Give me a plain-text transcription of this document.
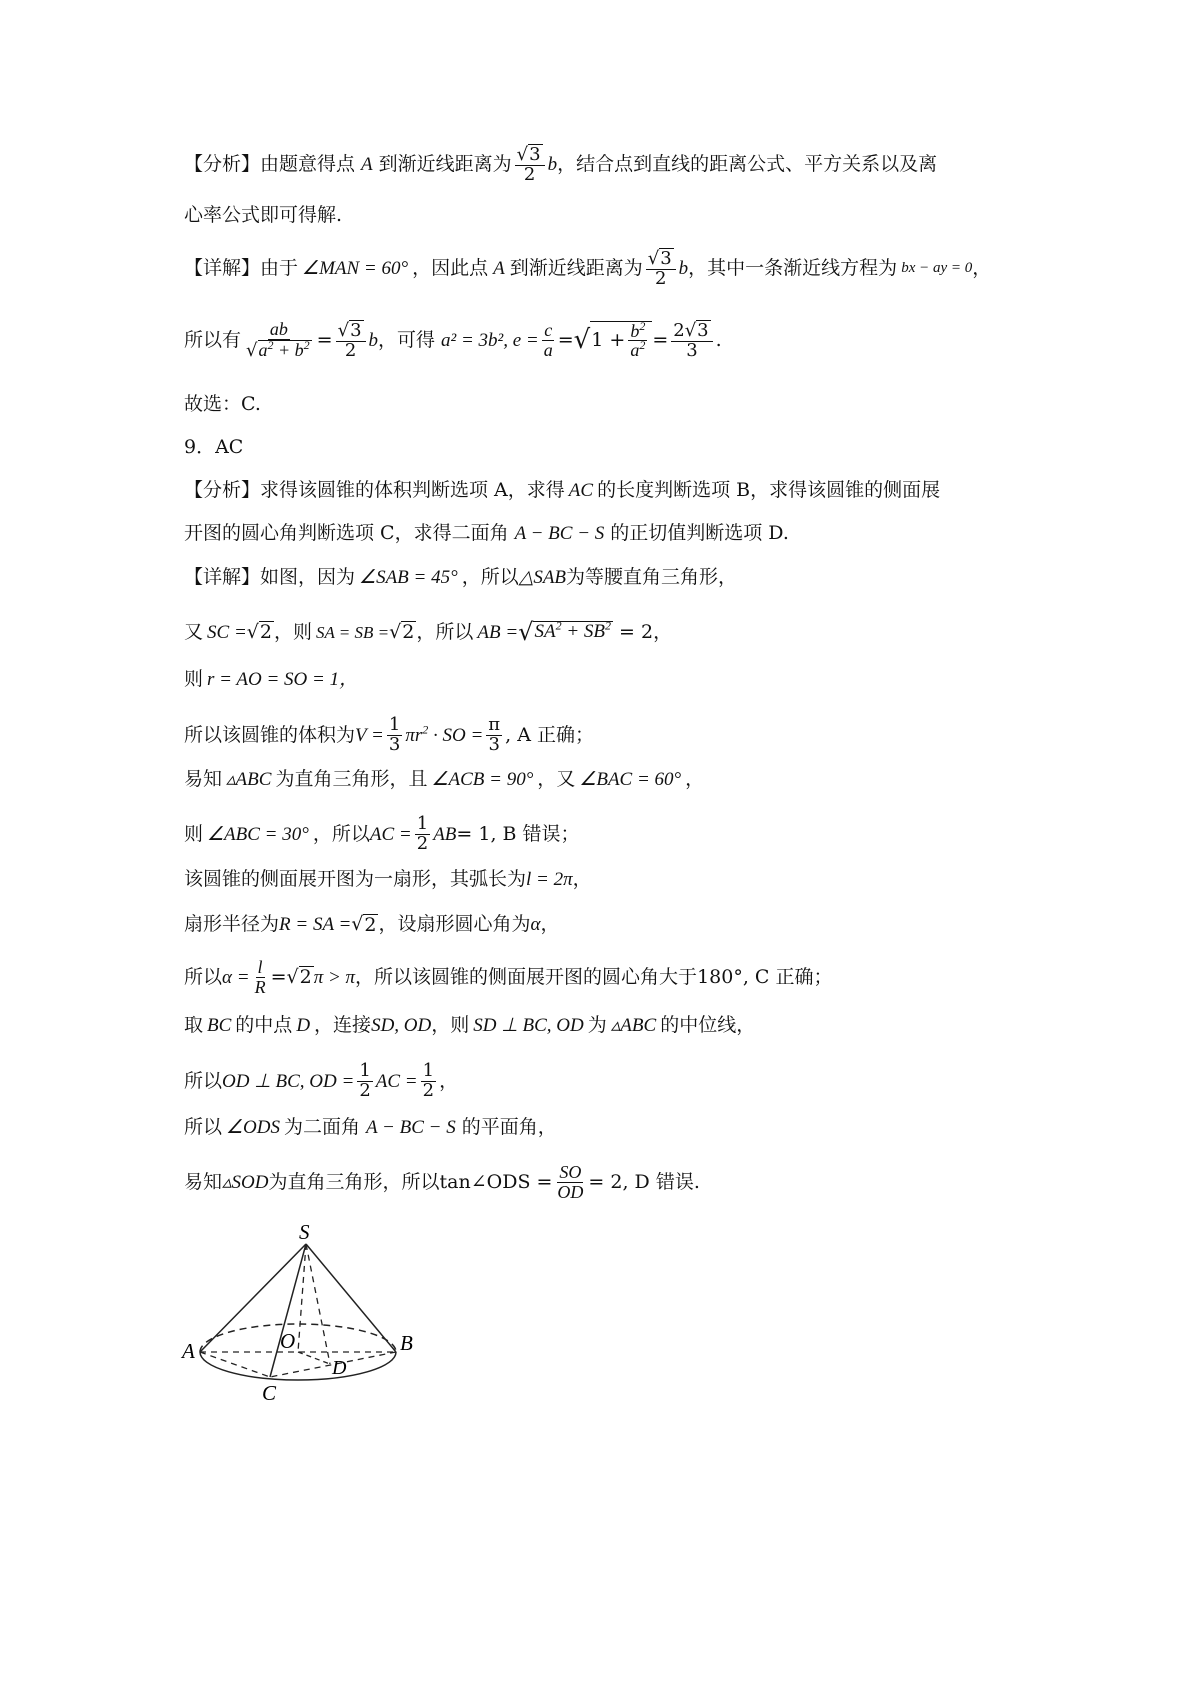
【分析】 由题意得点 A 到渐近线距离为 $\frac{√3}{2}$ b ，结合点到直线的距离公式、平方关系以及离
心率公式即可得解.
【详解】 由于 ∠MAN = 60° ，因此点 A 到渐近线距离为 $\frac{√3}{2}$ b ，其中一条渐近线方程为 bx − ay = 0 ，
所以有 $\frac{ab}{√a^2 + b^2} = \frac{√3}{2}$ b ，可得 a² = 3b², $e = \frac{c}{a}$ = √ $1 + \frac{b^2}{a^2} = \frac{2√3}{3}$ .
故选：C.
9．AC
【分析】 求得该圆锥的体积判断选项 A，求得 AC 的长度判断选项 B，求得该圆锥的侧面展
开图的圆心角判断选项 C，求得二面角 A − BC − S 的正切值判断选项 D.
【详解】 如图，因为 ∠SAB = 45° ，所以 △SAB 为等腰直角三角形，
又 SC = √ 2 ，则 SA = SB = √ 2 ，所以 AB = √ $SA^2 + SB^2 = 2$，
则 r = AO = SO = 1，
所以该圆锥的体积为 $V = \frac{1}{3} \pi r^2$ · SO = $\frac{\pi}{3}$ , A 正确；
易知 ▵ABC 为直角三角形，且 ∠ACB = 90° ，又 ∠BAC = 60° ，
则 ∠ABC = 30° ，所以 AC = $\frac{1}{2}$ AB = 1, B 错误；
该圆锥的侧面展开图为一扇形，其弧长为 l = 2π ，
扇形半径为 R = SA = √ 2 ，设扇形圆心角为 α ，
所以 $\alpha = \frac{l}{R}$ = √ 2 π > π ，所以该圆锥的侧面展开图的圆心角大于 180° , C 正确；
取 BC 的中点 D ，连接 SD, OD ，则 SD ⊥ BC, OD 为 ▵ABC 的中位线，
所以 OD ⊥ BC, OD = $\frac{1}{2}$ AC = $\frac{1}{2}$ ，
所以 ∠ODS 为二面角 A − BC − S 的平面角，
易知 ▵SOD 为直角三角形，所以 tan∠ODS = $\frac{SO}{OD} = 2$, D 错误.
S
A	B
C
O
D
